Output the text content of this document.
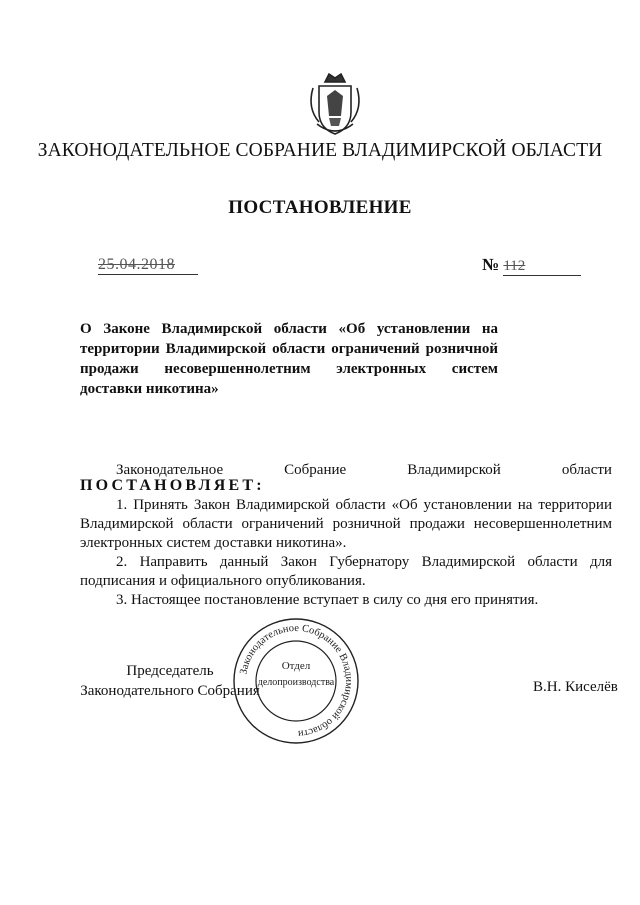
ЗАКОНОДАТЕЛЬНОЕ СОБРАНИЕ ВЛАДИМИРСКОЙ ОБЛАСТИ
ПОСТАНОВЛЕНИЕ
25.04.2018	№ 112
О Законе Владимирской области «Об установлении на территории Владимирской области ограничений розничной продажи несовершеннолетним электронных систем доставки никотина»
Законодательное	Собрание	Владимирской	области
ПОСТАНОВЛЯЕТ:

1. Принять Закон Владимирской области «Об установлении на территории Владимирской области ограничений розничной продажи несовершеннолетним электронных систем доставки никотина».

2. Направить данный Закон Губернатору Владимирской области для подписания и официального опубликования.

3. Настоящее постановление вступает в силу со дня его принятия.

Председатель
Законодательного Собрания	В.Н. Киселёв
Законодательное Собрание Владимирской области
Отдел
делопроизводства
